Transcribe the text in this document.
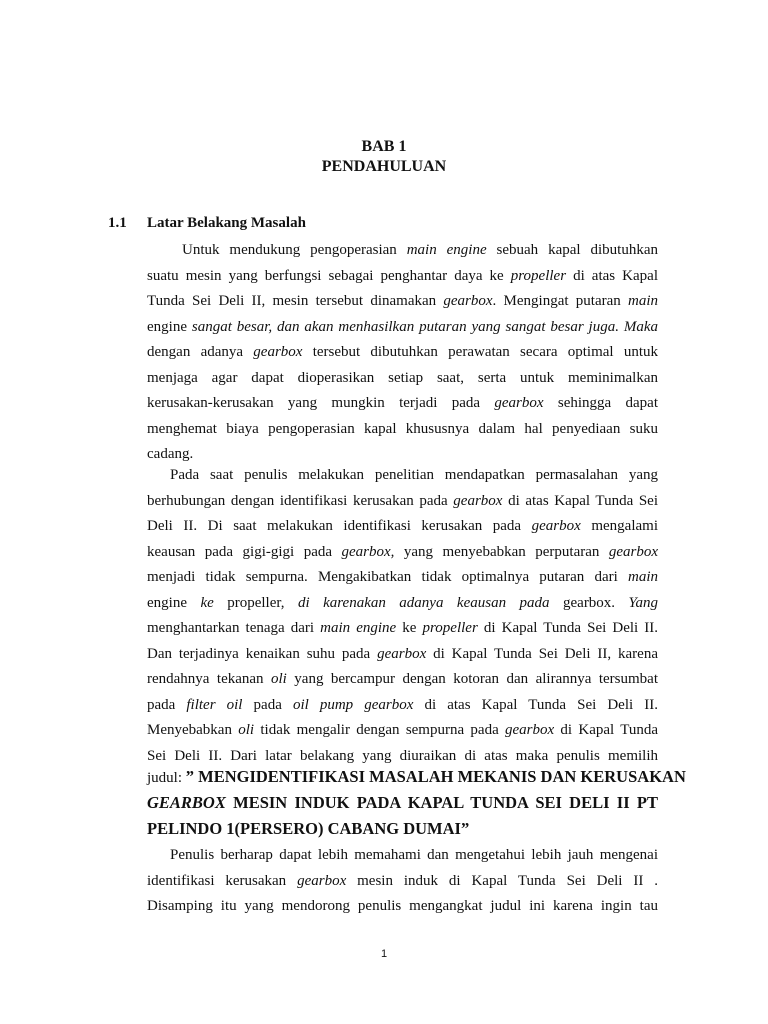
BAB 1
PENDAHULUAN
1.1 Latar Belakang Masalah
Untuk mendukung pengoperasian main engine sebuah kapal dibutuhkan
suatu mesin yang berfungsi sebagai penghantar daya ke propeller di atas Kapal
Tunda Sei Deli II, mesin tersebut dinamakan gearbox. Mengingat putaran main
engine sangat besar, dan akan menhasilkan putaran yang sangat besar juga. Maka
dengan adanya gearbox tersebut dibutuhkan perawatan secara optimal untuk
menjaga agar dapat dioperasikan setiap saat, serta untuk meminimalkan
kerusakan-kerusakan yang mungkin terjadi pada gearbox sehingga dapat
menghemat biaya pengoperasian kapal khususnya dalam hal penyediaan suku
cadang.
Pada saat penulis melakukan penelitian mendapatkan permasalahan yang
berhubungan dengan identifikasi kerusakan pada gearbox di atas Kapal Tunda Sei
Deli II. Di saat melakukan identifikasi kerusakan pada gearbox mengalami
keausan pada gigi-gigi pada gearbox, yang menyebabkan perputaran gearbox
menjadi tidak sempurna. Mengakibatkan tidak optimalnya putaran dari main
engine ke propeller, di karenakan adanya keausan pada gearbox. Yang
menghantarkan tenaga dari main engine ke propeller di Kapal Tunda Sei Deli II.
Dan terjadinya kenaikan suhu pada gearbox di Kapal Tunda Sei Deli II, karena
rendahnya tekanan oli yang bercampur dengan kotoran dan alirannya tersumbat
pada filter oil pada oil pump gearbox di atas Kapal Tunda Sei Deli II.
Menyebabkan oli tidak mengalir dengan sempurna pada gearbox di Kapal Tunda
Sei Deli II. Dari latar belakang yang diuraikan di atas maka penulis memilih
Penulis berharap dapat lebih memahami dan mengetahui lebih jauh mengenai
identifikasi kerusakan gearbox mesin induk di Kapal Tunda Sei Deli II .
Disamping itu yang mendorong penulis mengangkat judul ini karena ingin tau
judul: ” MENGIDENTIFIKASI MASALAH MEKANIS DAN KERUSAKAN
GEARBOX MESIN INDUK PADA KAPAL TUNDA SEI DELI II PT
PELINDO 1(PERSERO) CABANG DUMAI”
1
